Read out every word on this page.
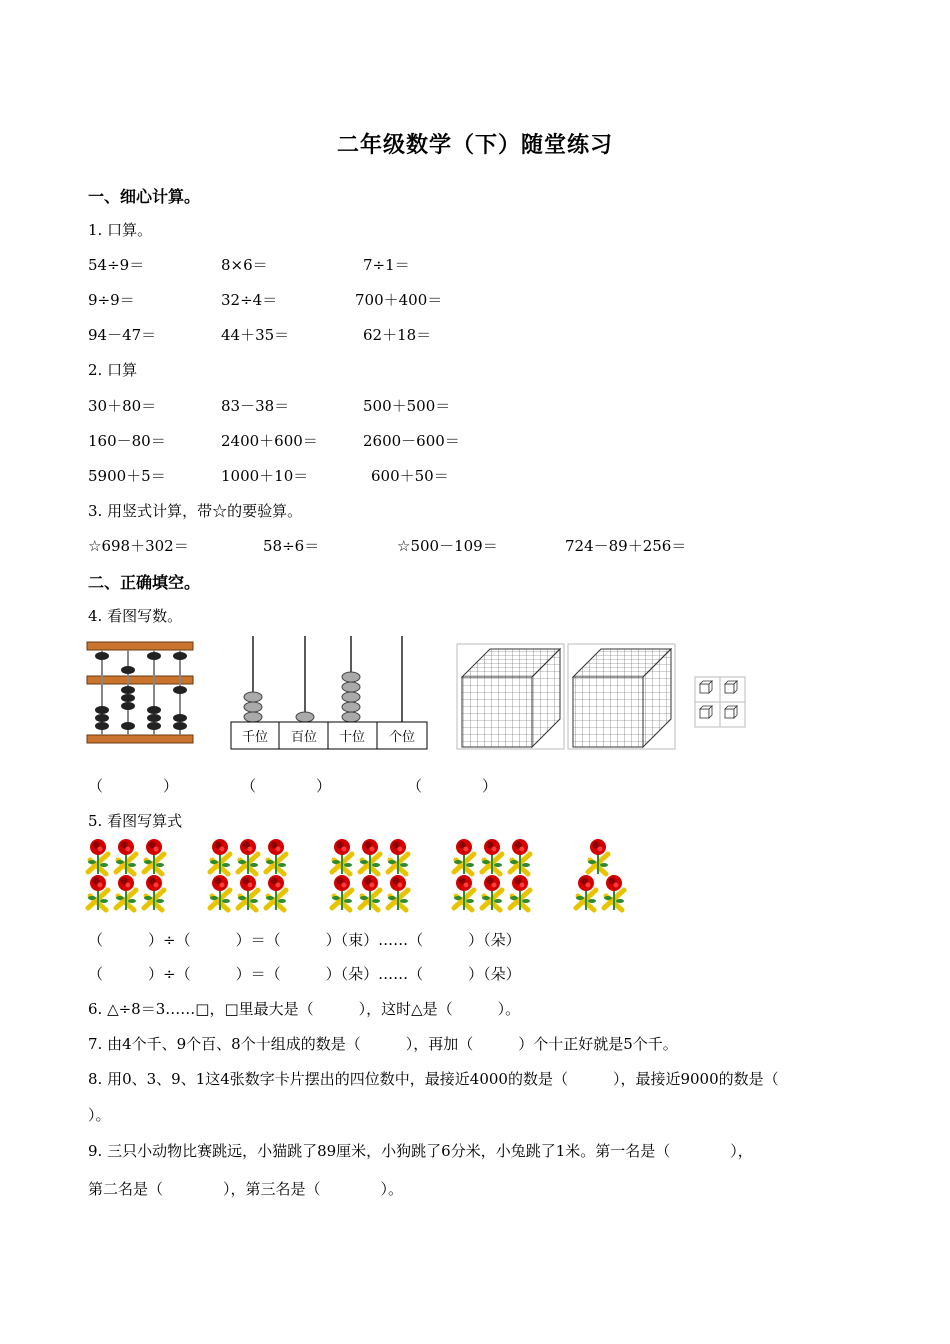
二年级数学（下）随堂练习
一、细心计算。
1. 口算。
54÷9＝	8×6＝	7÷1＝
9÷9＝	32÷4＝	700＋400＝
94－47＝	44＋35＝	62＋18＝
2. 口算
30＋80＝	83－38＝	500＋500＝
160－80＝	2400＋600＝	2600－600＝
5900＋5＝	1000＋10＝	600＋50＝
3. 用竖式计算，带☆的要验算。
☆698＋302＝	58÷6＝	☆500－109＝	724－89＋256＝
二、正确填空。
4. 看图写数。
千位 百位 十位 个位
（　　　　）	（　　　　）	（　　　　）
5. 看图写算式
（　　　）÷（　　　）＝（　　　）（束）……（　　　）（朵）
（　　　）÷（　　　）＝（　　　）（朵）……（　　　）（朵）
6. △÷8＝3……□，□里最大是（　　　），这时△是（　　　）。
7. 由4个千、9个百、8个十组成的数是（　　　），再加（　　　）个十正好就是5个千。
8. 用0、3、9、1这4张数字卡片摆出的四位数中，最接近4000的数是（　　　），最接近9000的数是（
）。
9. 三只小动物比赛跳远，小猫跳了89厘米，小狗跳了6分米，小兔跳了1米。第一名是（　　　　），
第二名是（　　　　），第三名是（　　　　）。
